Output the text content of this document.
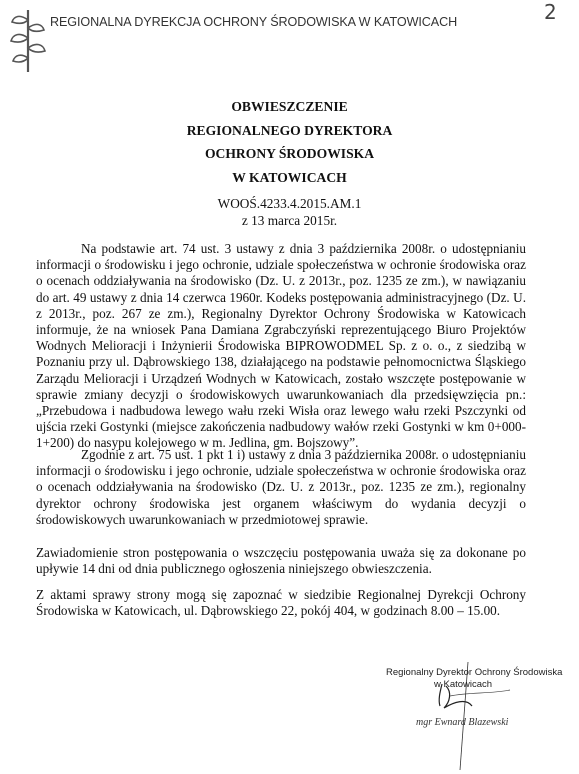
REGIONALNA DYREKCJA OCHRONY ŚRODOWISKA W KATOWICACH	2
OBWIESZCZENIE
REGIONALNEGO DYREKTORA
OCHRONY ŚRODOWISKA
W KATOWICACH
WOOŚ.4233.4.2015.AM.1
z 13 marca 2015r.

Na podstawie art. 74 ust. 3 ustawy z dnia 3 października 2008r. o udostępnianiu informacji o środowisku i jego ochronie, udziale społeczeństwa w ochronie środowiska oraz o ocenach oddziaływania na środowisko (Dz. U. z 2013r., poz. 1235 ze zm.), w nawiązaniu do art. 49 ustawy z dnia 14 czerwca 1960r. Kodeks postępowania administracyjnego (Dz. U. z 2013r., poz. 267 ze zm.), Regionalny Dyrektor Ochrony Środowiska w Katowicach informuje, że na wniosek Pana Damiana Zgrabczyński reprezentującego Biuro Projektów Wodnych Melioracji i Inżynierii Środowiska BIPROWODMEL Sp. z o. o., z siedzibą w Poznaniu przy ul. Dąbrowskiego 138, działającego na podstawie pełnomocnictwa Śląskiego Zarządu Melioracji i Urządzeń Wodnych w Katowicach, zostało wszczęte postępowanie w sprawie zmiany decyzji o środowiskowych uwarunkowaniach dla przedsięwzięcia pn.: „Przebudowa i nadbudowa lewego wału rzeki Wisła oraz lewego wału rzeki Pszczynki od ujścia rzeki Gostynki (miejsce zakończenia nadbudowy wałów rzeki Gostynki w km 0+000-1+200) do nasypu kolejowego w m. Jedlina, gm. Bojszowy”.

Zgodnie z art. 75 ust. 1 pkt 1 i) ustawy z dnia 3 października 2008r. o udostępnianiu informacji o środowisku i jego ochronie, udziale społeczeństwa w ochronie środowiska oraz o ocenach oddziaływania na środowisko (Dz. U. z 2013r., poz. 1235 ze zm.), regionalny dyrektor ochrony środowiska jest organem właściwym do wydania decyzji o środowiskowych uwarunkowaniach w przedmiotowej sprawie.

Zawiadomienie stron postępowania o wszczęciu postępowania uważa się za dokonane po upływie 14 dni od dnia publicznego ogłoszenia niniejszego obwieszczenia.

Z aktami sprawy strony mogą się zapoznać w siedzibie Regionalnej Dyrekcji Ochrony Środowiska w Katowicach, ul. Dąbrowskiego 22, pokój 404, w godzinach 8.00 – 15.00.

Regionalny Dyrektor Ochrony Środowiska
w Katowicach
mgr Ewnard Blazewski
